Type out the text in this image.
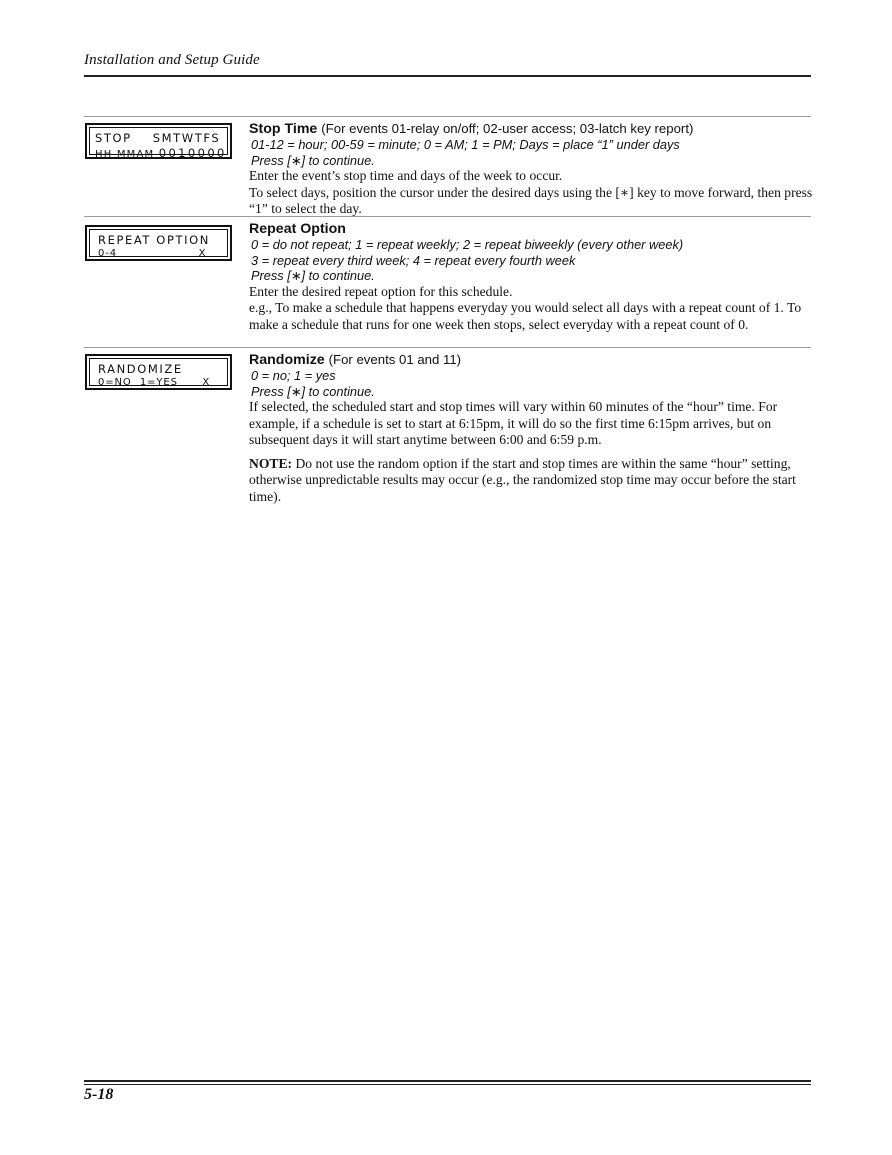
Installation and Setup Guide
STOP    SMTWTFS
HH MMAM 0010000
Stop Time (For events 01-relay on/off; 02-user access; 03-latch key report)
01-12 = hour; 00-59 = minute; 0 = AM; 1 = PM; Days = place “1” under days
Press [∗] to continue.
Enter the event’s stop time and days of the week to occur.
To select days, position the cursor under the desired days using the [∗] key to move forward, then press “1” to select the day.
REPEAT OPTION
0-4                    X
Repeat Option
0 = do not repeat; 1 = repeat weekly; 2 = repeat biweekly (every other week)
3 = repeat every third week; 4 = repeat every fourth week
Press [∗] to continue.
Enter the desired repeat option for this schedule.
e.g., To make a schedule that happens everyday you would select all days with a repeat count of 1. To make a schedule that runs for one week then stops, select everyday with a repeat count of 0.
RANDOMIZE
0=NO  1=YES      X
Randomize (For events 01 and 11)
0 = no; 1 = yes
Press [∗] to continue.
If selected, the scheduled start and stop times will vary within 60 minutes of the “hour” time. For example, if a schedule is set to start at 6:15pm, it will do so the first time 6:15pm arrives, but on subsequent days it will start anytime between 6:00 and 6:59 p.m.
NOTE: Do not use the random option if the start and stop times are within the same “hour” setting, otherwise unpredictable results may occur (e.g., the randomized stop time may occur before the start time).
5-18
